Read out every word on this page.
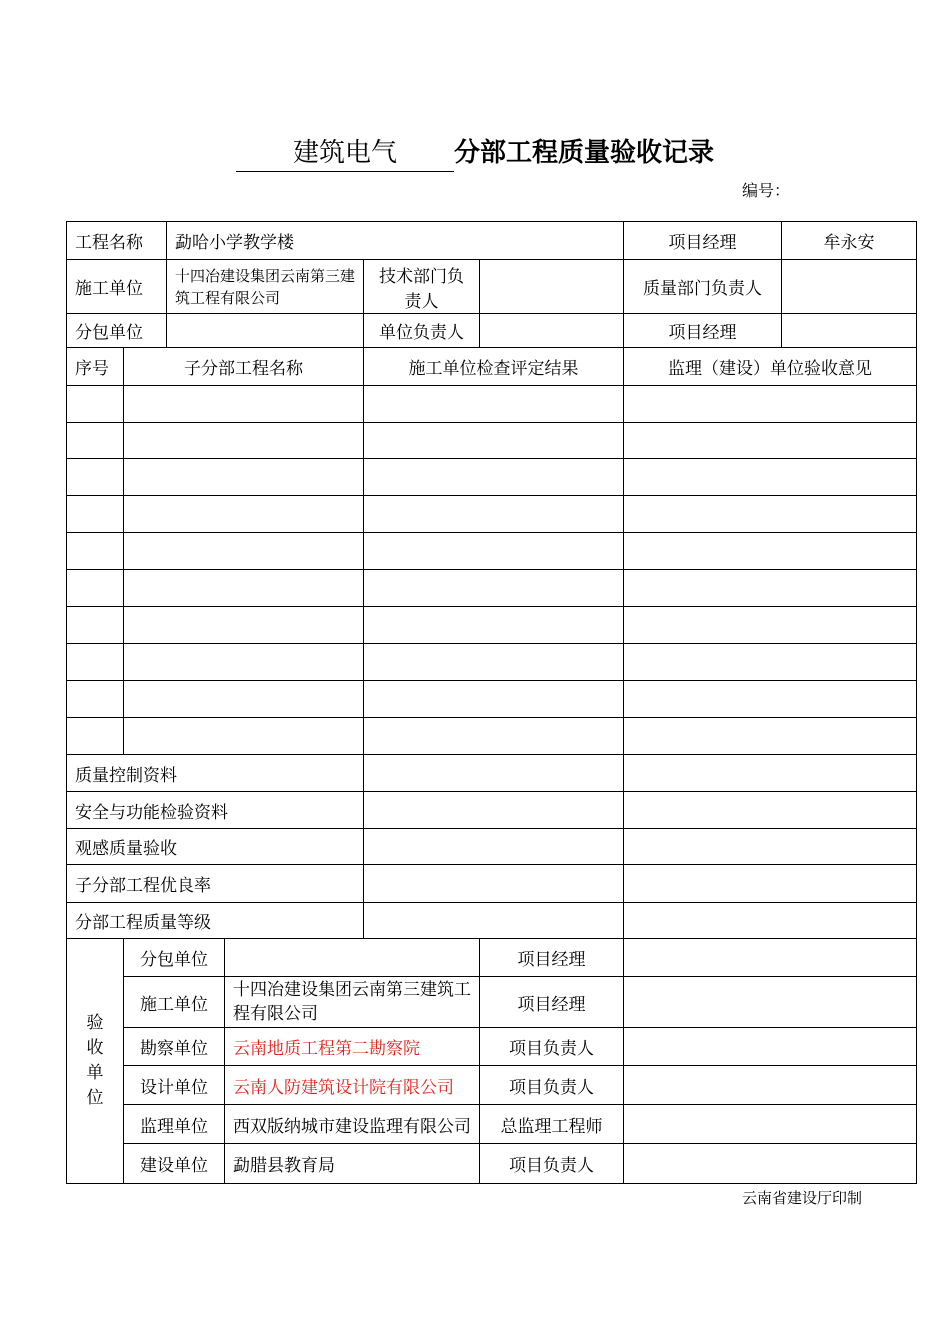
建筑电气 分部工程质量验收记录
编号：
工程名称		勐哈小学教学楼				项目经理	牟永安
施工单位		十四冶建设集团云南第三建筑工程有限公司		技术部门负责人		质量部门负责人	
分包单位				单位负责人		项目经理	
序号	子分部工程名称			施工单位检查评定结果		监理（建设）单位验收意见	

质量控制资料							
安全与功能检验资料							
观感质量验收							
子分部工程优良率							
分部工程质量等级							
验收单位	分包单位				项目经理		
	施工单位		十四冶建设集团云南第三建筑工程有限公司		项目经理		
	勘察单位		云南地质工程第二勘察院		项目负责人		
	设计单位		云南人防建筑设计院有限公司		项目负责人		
	监理单位		西双版纳城市建设监理有限公司		总监理工程师		
	建设单位		勐腊县教育局		项目负责人		
云南省建设厅印制
